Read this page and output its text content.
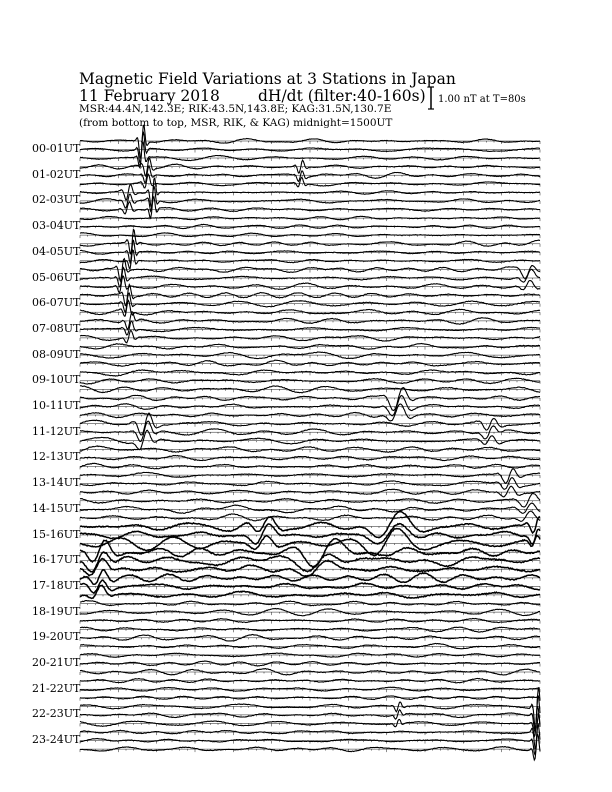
Magnetic Field Variations at 3 Stations in Japan
11 February 2018 dH/dt (filter:40-160s)
MSR:44.4N,142.3E; RIK:43.5N,143.8E; KAG:31.5N,130.7E
(from bottom to top, MSR, RIK, & KAG) midnight=1500UT
1.00 nT at T=80s
00-01UT
01-02UT
02-03UT
03-04UT
04-05UT
05-06UT
06-07UT
07-08UT
08-09UT
09-10UT
10-11UT
11-12UT
12-13UT
13-14UT
14-15UT
15-16UT
16-17UT
17-18UT
18-19UT
19-20UT
20-21UT
21-22UT
22-23UT
23-24UT
